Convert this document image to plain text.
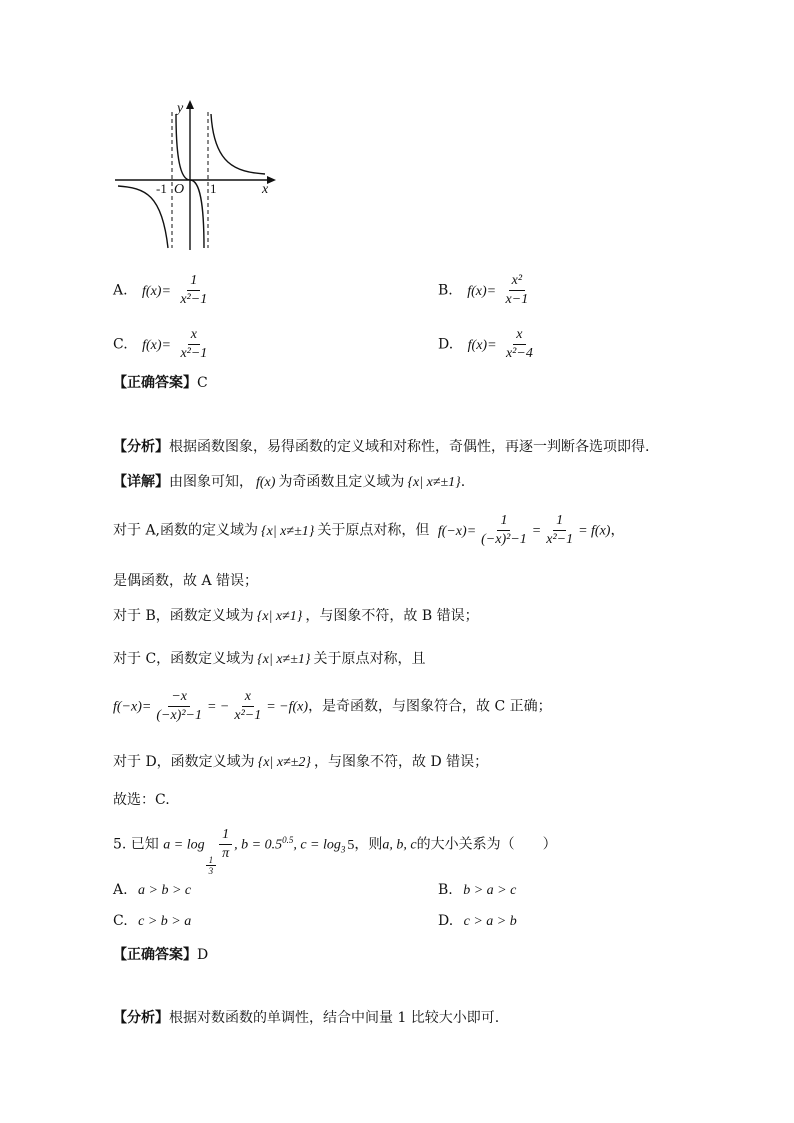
y
x
O
-1	1
A. $f(x)= \frac{1}{\text{x²−1}}$	B. $f(x)= \frac{\text{x²}}{x-1}$
C. $f(x)= \frac{x}{\text{x²−1}}$	D. $f(x)= \frac{x}{\text{x²−4}}$
【正确答案】C
【分析】根据函数图象，易得函数的定义域和对称性，奇偶性，再逐一判断各选项即得.
【详解】由图象可知， f(x) 为奇函数且定义域为 {x| x≠±1}.
对于 A,函数的定义域为 {x| x≠±1} 关于原点对称，但 $f(-x)= \frac{1}{\text{(−x)²−1}} = \frac{1}{\text{x²−1}} = f(x)$，
是偶函数，故 A 错误；
对于 B，函数定义域为 {x| x≠1} ，与图象不符，故 B 错误；
对于 C，函数定义域为 {x| x≠±1} 关于原点对称，且
$f(-x)= \frac{-x}{\text{(−x)²−1}}$ = − $\frac{x}{\text{x²−1}} = -f(x)$，是奇函数，与图象符合，故 C 正确；
对于 D，函数定义域为 {x| x≠±2} ，与图象不符，故 D 错误；
故选：C.
5. 已知 a = log
$\frac{1}{3}$
$\frac{1}{\pi}$ , $b = 0.5^{0.5}$, $c = \log_3 5$，则a, b, c的大小关系为（　　）
A. a > b > c	B. b > a > c
C. c > b > a	D. c > a > b
【正确答案】D
【分析】根据对数函数的单调性，结合中间量 1 比较大小即可.
